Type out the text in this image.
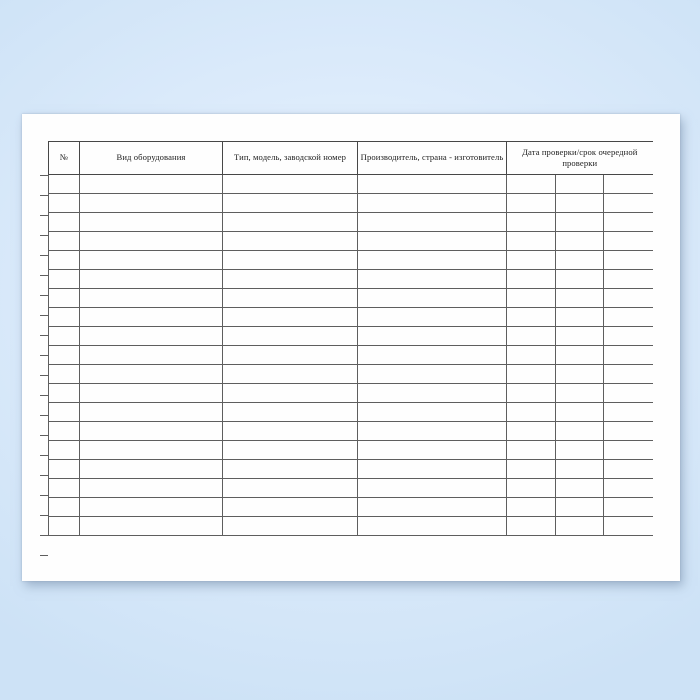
№	Вид оборудования	Тип, модель, заводской номер	Производитель, страна - изготовитель	Дата проверки/срок очередной проверки		
